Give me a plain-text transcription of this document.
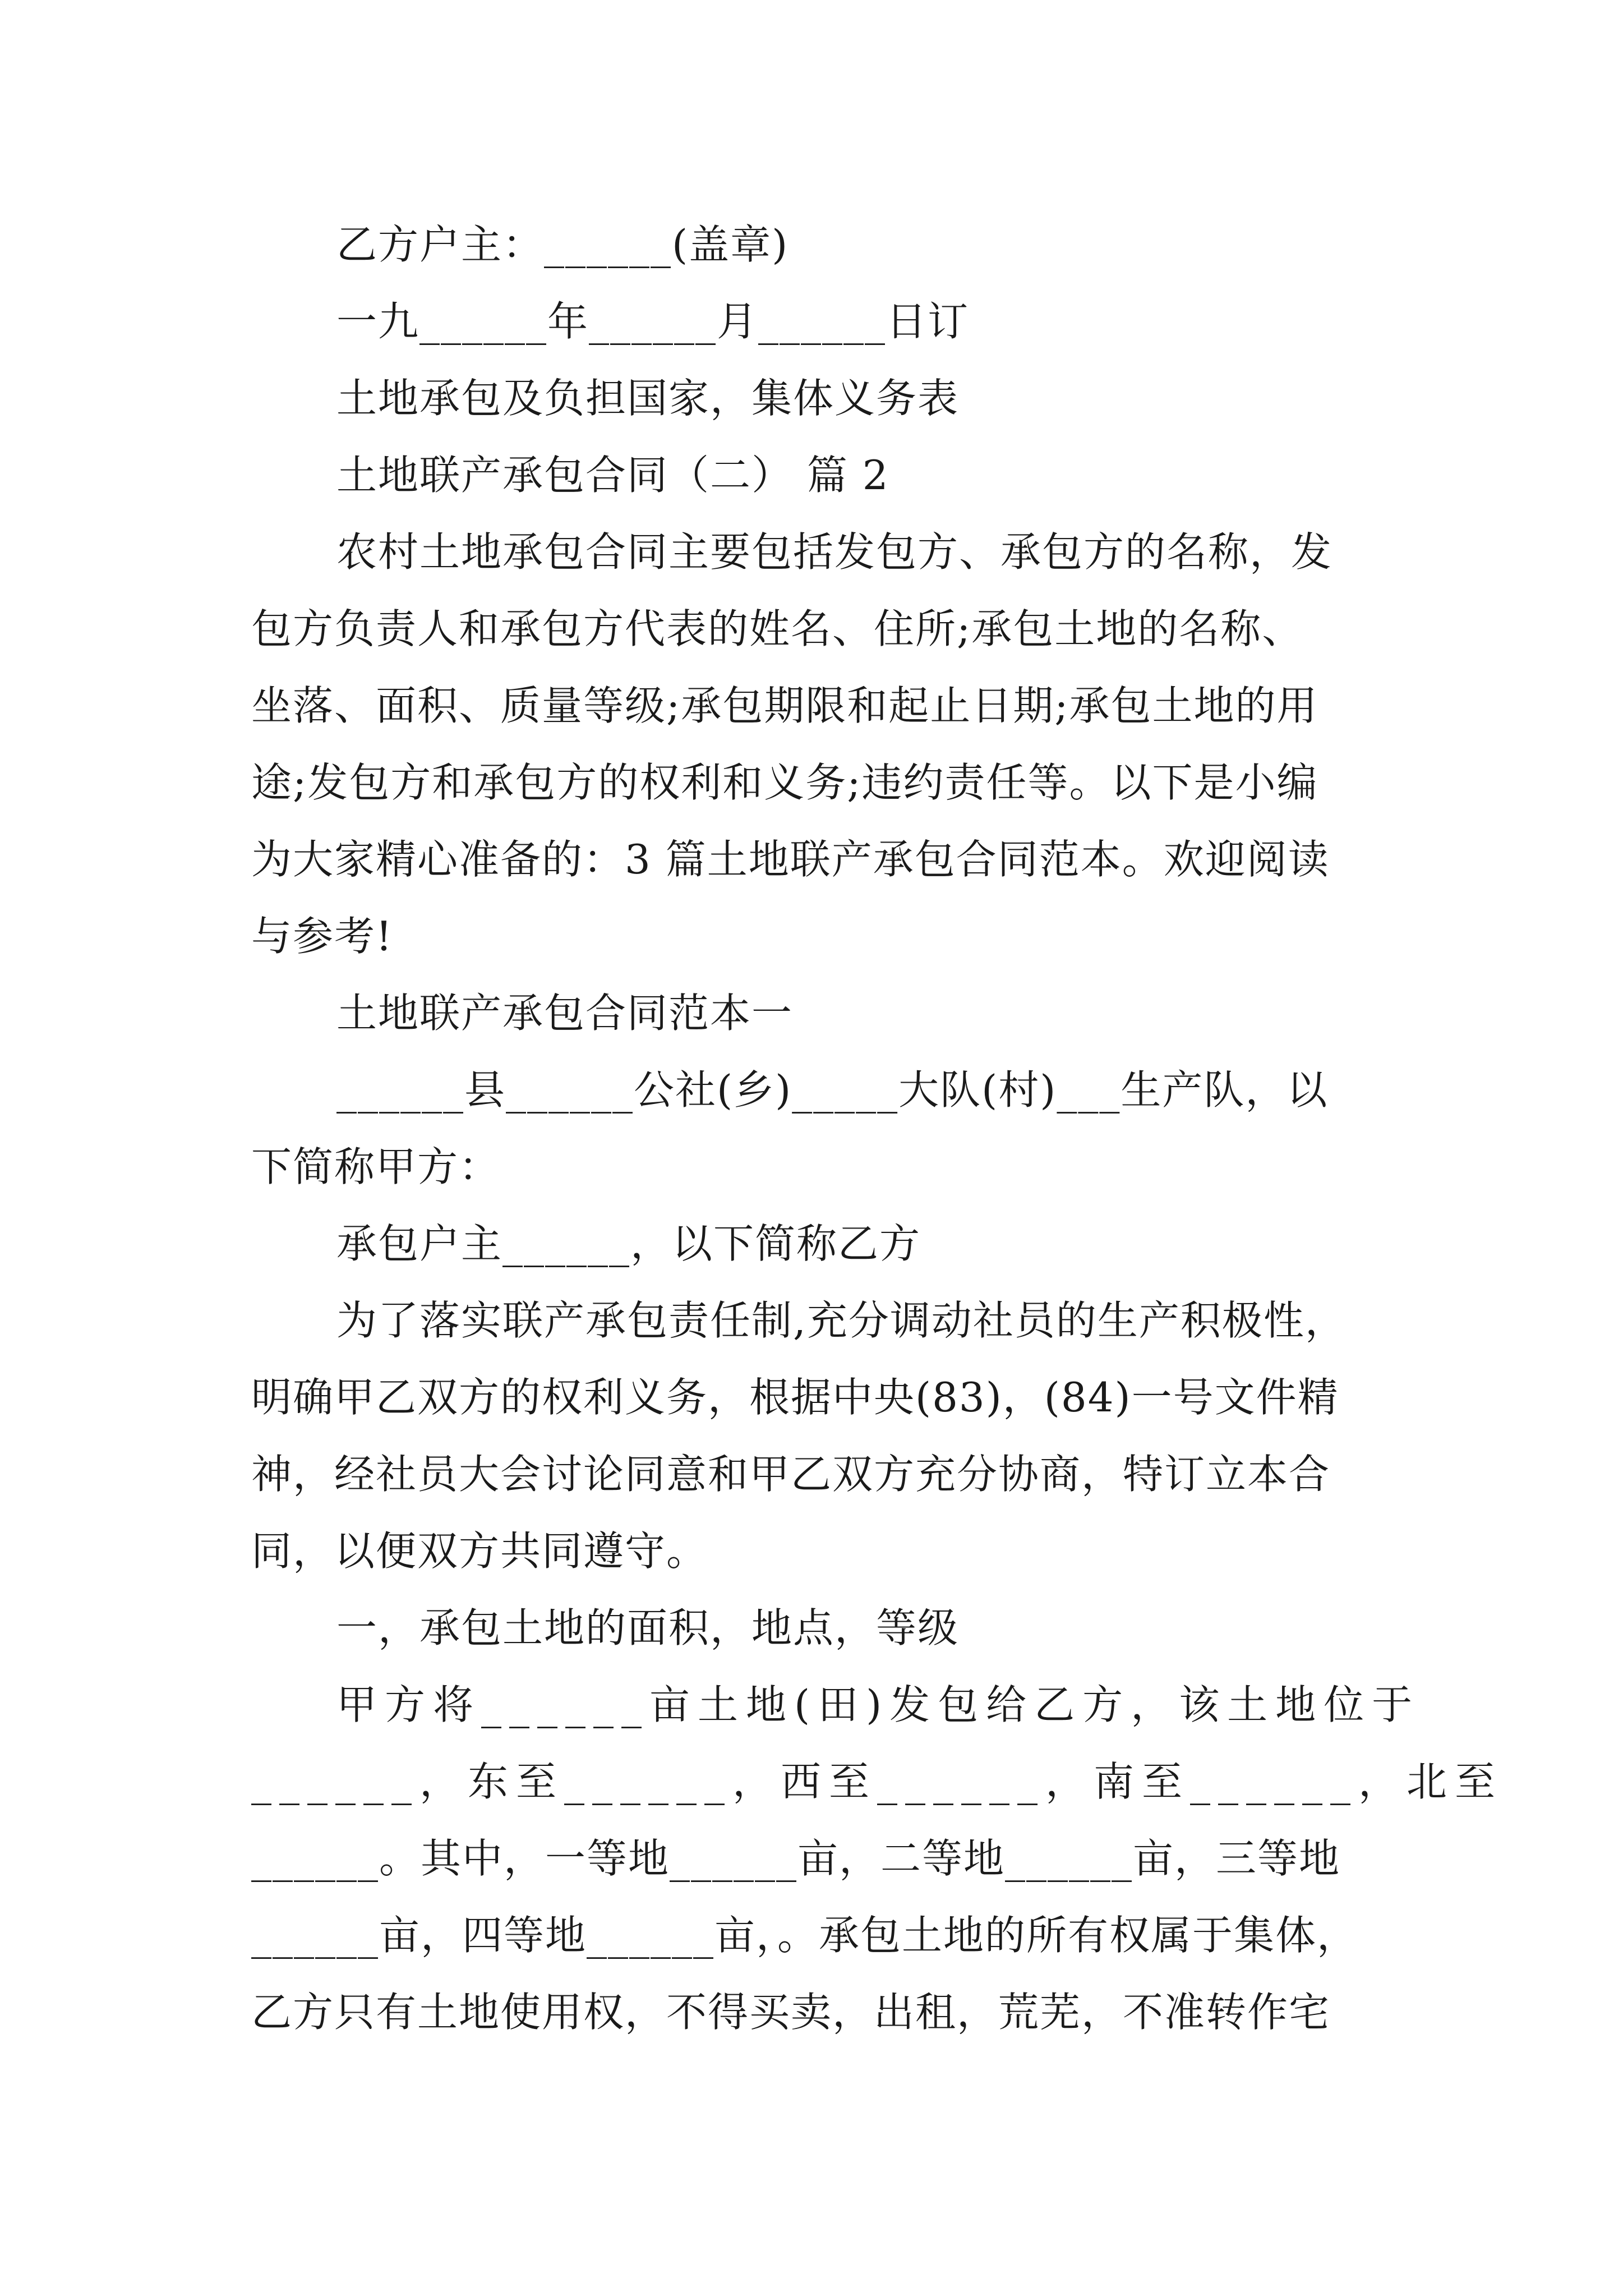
乙方户主：______(盖章)
一九______年______月______日订
土地承包及负担国家，集体义务表
土地联产承包合同（二） 篇 2
农村土地承包合同主要包括发包方、承包方的名称，发
包方负责人和承包方代表的姓名、住所;承包土地的名称、
坐落、面积、质量等级;承包期限和起止日期;承包土地的用
途;发包方和承包方的权利和义务;违约责任等。以下是小编
为大家精心准备的：3 篇土地联产承包合同范本。欢迎阅读
与参考!
土地联产承包合同范本一
______县______公社(乡)_____大队(村)___生产队，以
下简称甲方：
承包户主______，以下简称乙方
为了落实联产承包责任制,充分调动社员的生产积极性，
明确甲乙双方的权利义务，根据中央(83)，(84)一号文件精
神，经社员大会讨论同意和甲乙双方充分协商，特订立本合
同，以便双方共同遵守。
一，承包土地的面积，地点，等级
甲方将______亩土地(田)发包给乙方，该土地位于
______，东至______，西至______，南至______，北至
______。其中，一等地______亩，二等地______亩，三等地
______亩，四等地______亩，。承包土地的所有权属于集体，
乙方只有土地使用权，不得买卖，出租，荒芜，不准转作宅
